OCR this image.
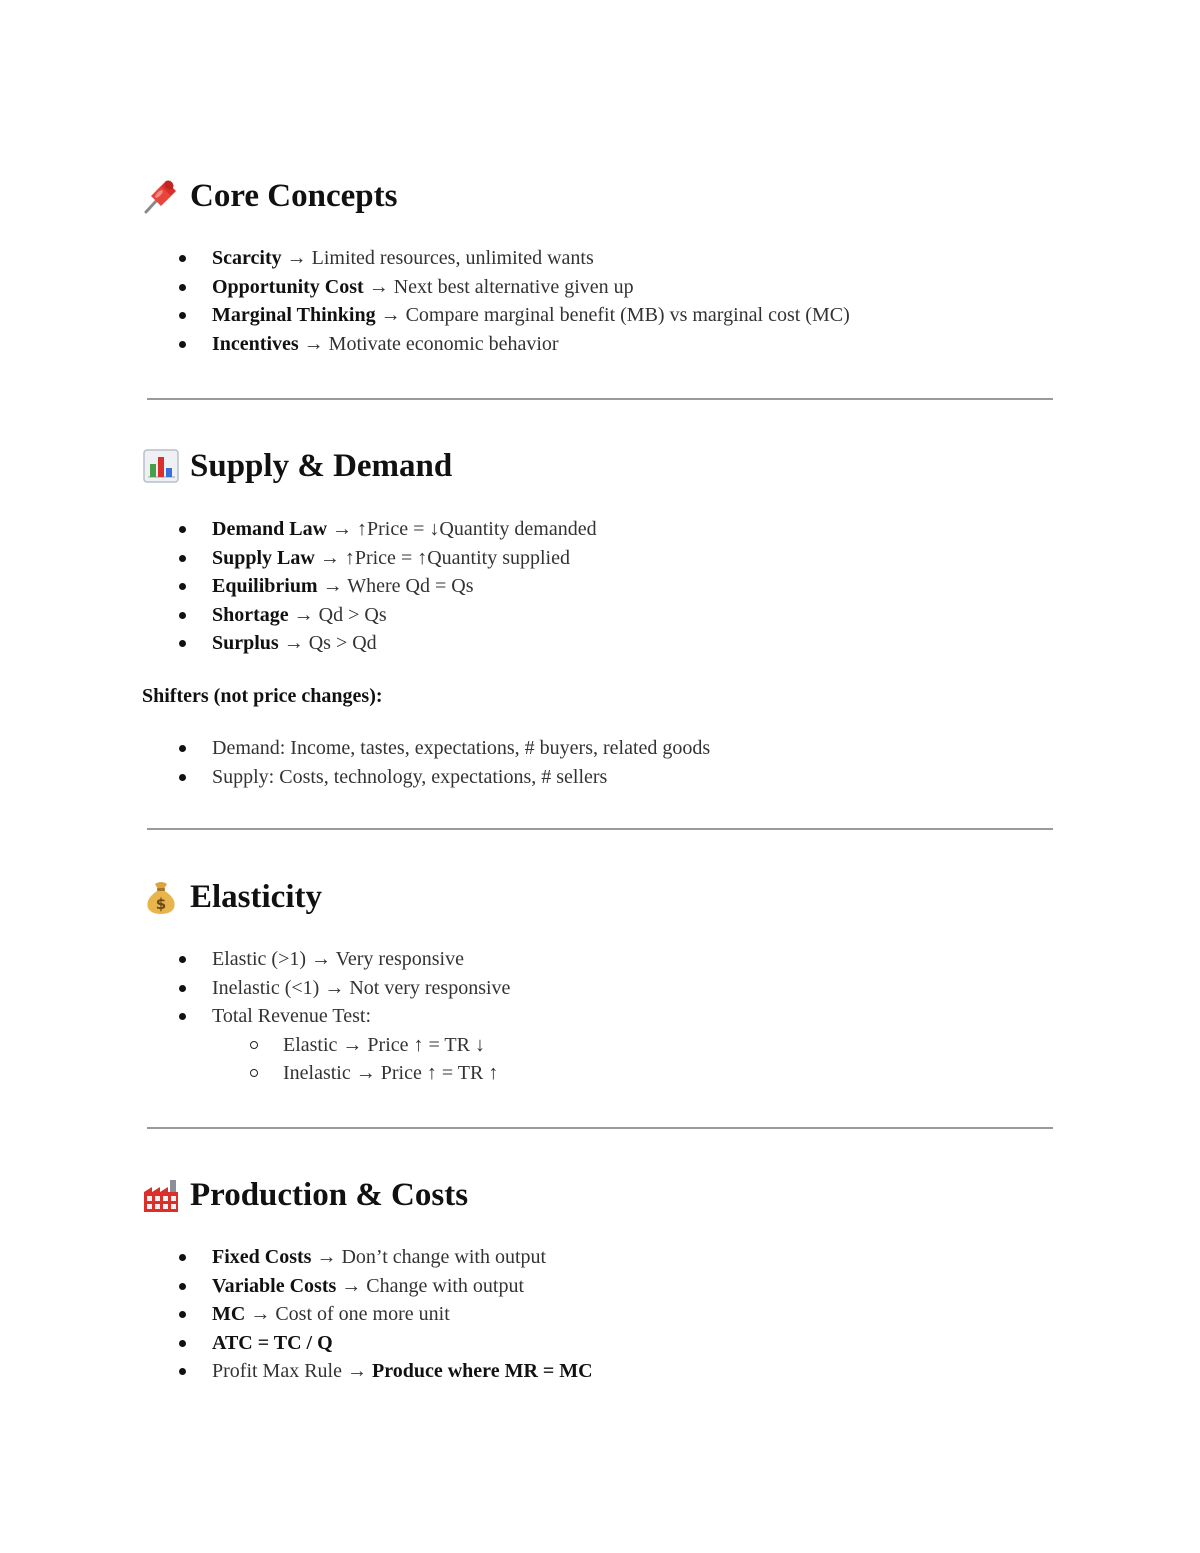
Core Concepts
Scarcity → Limited resources, unlimited wants
Opportunity Cost → Next best alternative given up
Marginal Thinking → Compare marginal benefit (MB) vs marginal cost (MC)
Incentives → Motivate economic behavior
Supply & Demand
Demand Law → ↑Price = ↓Quantity demanded
Supply Law → ↑Price = ↑Quantity supplied
Equilibrium → Where Qd = Qs
Shortage → Qd > Qs
Surplus → Qs > Qd

Shifters (not price changes):

Demand: Income, tastes, expectations, # buyers, related goods
Supply: Costs, technology, expectations, # sellers
$ Elasticity
Elastic (>1) → Very responsive
Inelastic (<1) → Not very responsive
Total Revenue Test:
Elastic → Price ↑ = TR ↓
Inelastic → Price ↑ = TR ↑
Production & Costs
Fixed Costs → Don’t change with output
Variable Costs → Change with output
MC → Cost of one more unit
ATC = TC / Q
Profit Max Rule → Produce where MR = MC
